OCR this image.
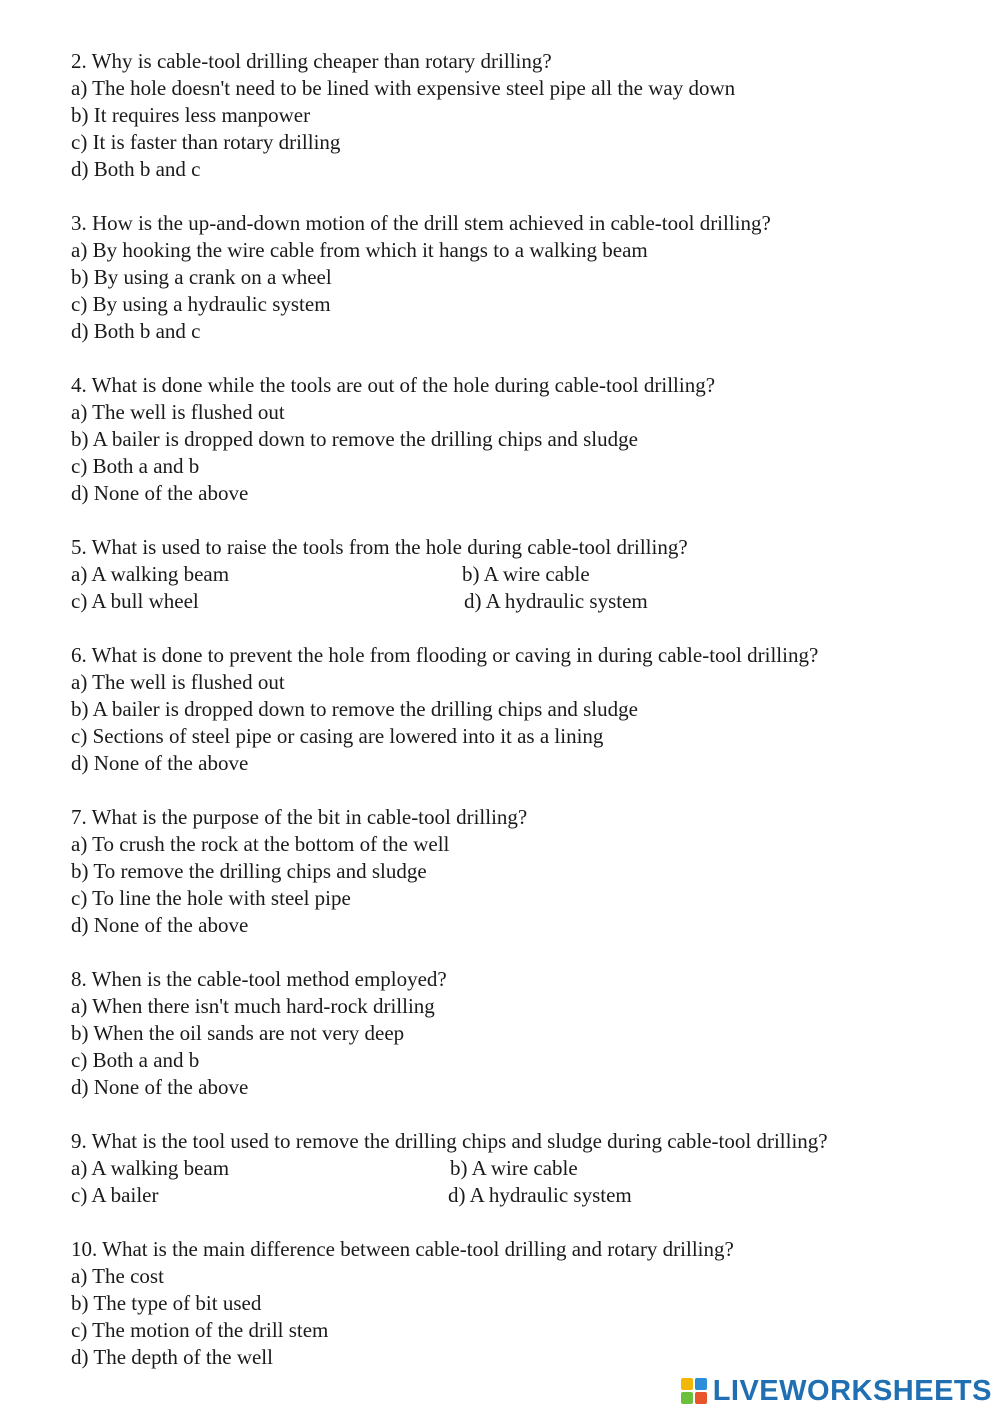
2. Why is cable-tool drilling cheaper than rotary drilling?
a) The hole doesn't need to be lined with expensive steel pipe all the way down
b) It requires less manpower
c) It is faster than rotary drilling
d) Both b and c
3. How is the up-and-down motion of the drill stem achieved in cable-tool drilling?
a) By hooking the wire cable from which it hangs to a walking beam
b) By using a crank on a wheel
c) By using a hydraulic system
d) Both b and c
4. What is done while the tools are out of the hole during cable-tool drilling?
a) The well is flushed out
b) A bailer is dropped down to remove the drilling chips and sludge
c) Both a and b
d) None of the above
5. What is used to raise the tools from the hole during cable-tool drilling?
a) A walking beam	b) A wire cable
c) A bull wheel	d) A hydraulic system
6. What is done to prevent the hole from flooding or caving in during cable-tool drilling?
a) The well is flushed out
b) A bailer is dropped down to remove the drilling chips and sludge
c) Sections of steel pipe or casing are lowered into it as a lining
d) None of the above
7. What is the purpose of the bit in cable-tool drilling?
a) To crush the rock at the bottom of the well
b) To remove the drilling chips and sludge
c) To line the hole with steel pipe
d) None of the above
8. When is the cable-tool method employed?
a) When there isn't much hard-rock drilling
b) When the oil sands are not very deep
c) Both a and b
d) None of the above
9. What is the tool used to remove the drilling chips and sludge during cable-tool drilling?
a) A walking beam	b) A wire cable
c) A bailer	d) A hydraulic system
10. What is the main difference between cable-tool drilling and rotary drilling?
a) The cost
b) The type of bit used
c) The motion of the drill stem
d) The depth of the well
LIVEWORKSHEETS
